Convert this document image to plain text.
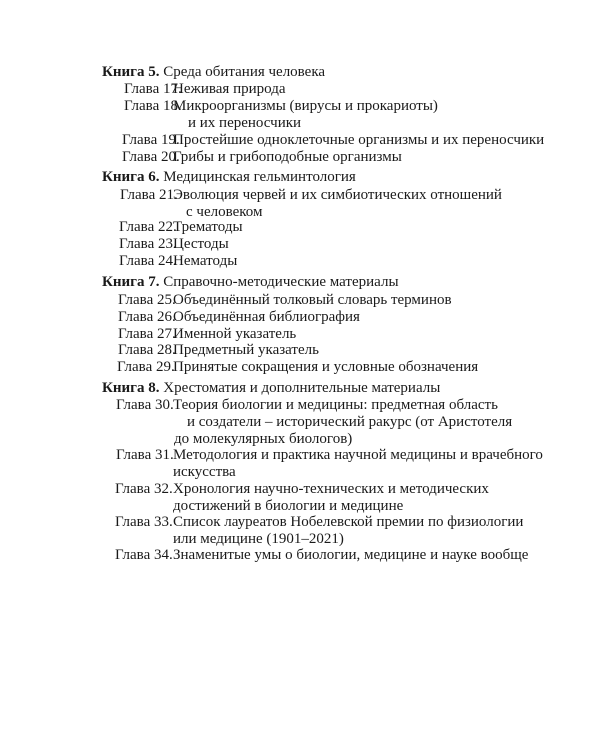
Книга 5. Среда обитания человека
Глава 17.
Неживая природа
Глава 18.
Микроорганизмы (вирусы и прокариоты)
и их переносчики
Глава 19.
Простейшие одноклеточные организмы и их переносчики
Глава 20.
Грибы и грибоподобные организмы
Книга 6. Медицинская гельминтология
Глава 21.
Эволюция червей и их симбиотических отношений
с человеком
Глава 22.
Трематоды
Глава 23.
Цестоды
Глава 24.
Нематоды
Книга 7. Справочно-методические материалы
Глава 25.
Объединённый толковый словарь терминов
Глава 26.
Объединённая библиография
Глава 27.
Именной указатель
Глава 28.
Предметный указатель
Глава 29.
Принятые сокращения и условные обозначения
Книга 8. Хрестоматия и дополнительные материалы
Глава 30. Теория биологии и медицины: предметная область
и создатели – исторический ракурс (от Аристотеля
до молекулярных биологов)
Глава 31. Методология и практика научной медицины и врачебного
искусства
Глава 32. Хронология научно-технических и методических
достижений в биологии и медицине
Глава 33. Список лауреатов Нобелевской премии по физиологии
или медицине (1901–2021)
Глава 34. Знаменитые умы о биологии, медицине и науке вообще
